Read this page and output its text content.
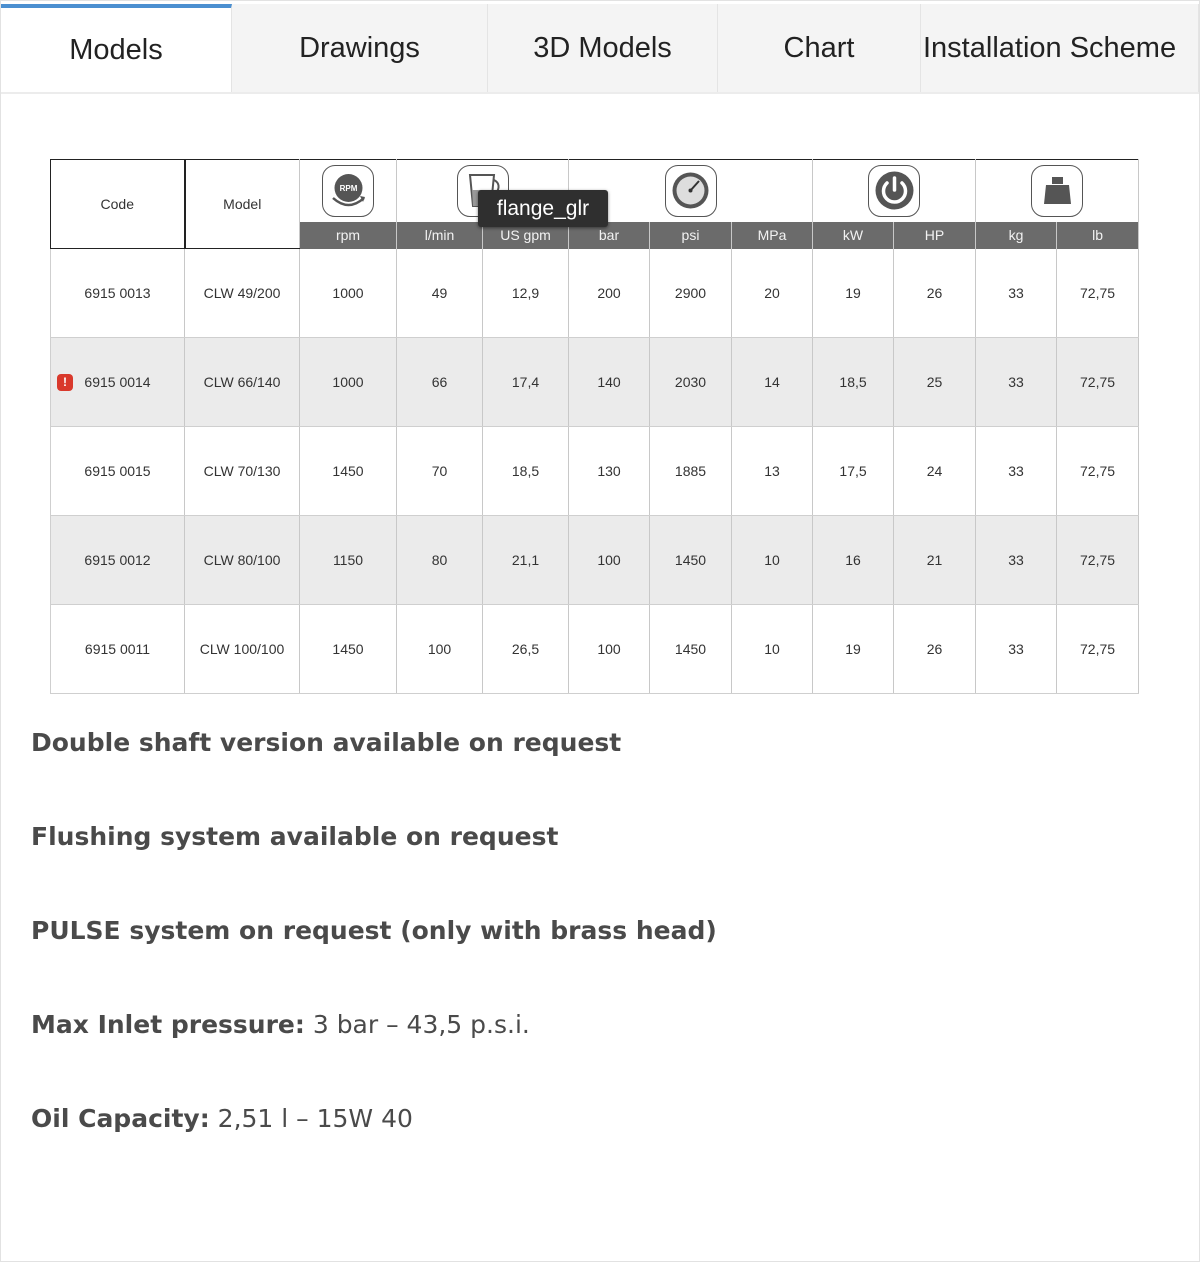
Models	Drawings	3D Models	Chart	Installation Scheme
Code	Model	RPM

		rpm	l/min	US gpm	bar	psi	MPa	kW	HP	kg	lb
6915 0013	CLW 49/200	1000	49	12,9	200	2900	20	19	26	33	72,75

! 6915 0014	CLW 66/140	1000	66	17,4	140	2030	14	18,5	25	33	72,75
6915 0015	CLW 70/130	1450	70	18,5	130	1885	13	17,5	24	33	72,75
6915 0012	CLW 80/100	1150	80	21,1	100	1450	10	16	21	33	72,75
6915 0011	CLW 100/100	1450	100	26,5	100	1450	10	19	26	33	72,75
flange_glr
Double shaft version available on request
Flushing system available on request
PULSE system on request (only with brass head)
Max Inlet pressure: 3 bar – 43,5 p.s.i.
Oil Capacity: 2,51 l – 15W 40
